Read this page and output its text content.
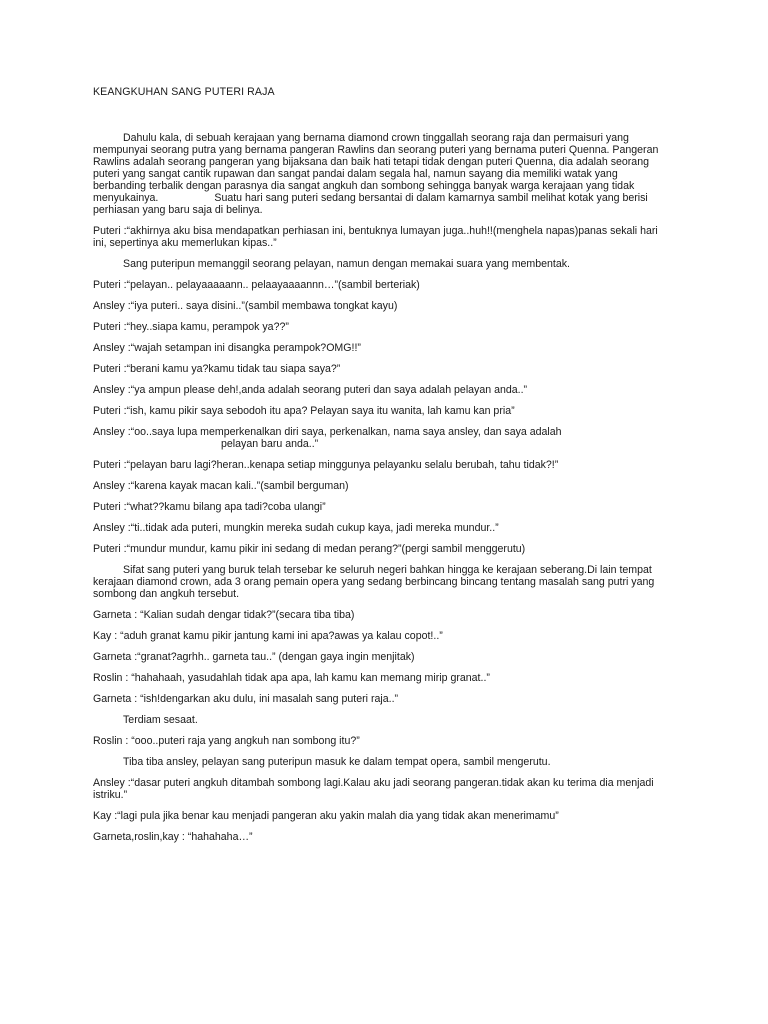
KEANGKUHAN SANG PUTERI RAJA

Dahulu kala, di sebuah kerajaan yang bernama diamond crown tinggallah seorang raja dan permaisuri yang mempunyai seorang putra yang bernama pangeran Rawlins dan seorang puteri yang bernama puteri Quenna. Pangeran Rawlins adalah seorang pangeran yang bijaksana dan baik hati tetapi tidak dengan puteri Quenna, dia adalah seorang puteri yang sangat cantik rupawan dan sangat pandai dalam segala hal, namun sayang dia memiliki watak yang berbanding terbalik dengan parasnya dia sangat angkuh dan sombong sehingga banyak warga kerajaan yang tidak menyukainya.	Suatu hari sang puteri sedang bersantai di dalam kamarnya sambil melihat kotak yang berisi perhiasan yang baru saja di belinya.

Puteri :“akhirnya aku bisa mendapatkan perhiasan ini, bentuknya lumayan juga..huh!!(menghela napas)panas sekali hari ini, sepertinya aku memerlukan kipas..”

Sang puteripun memanggil seorang pelayan, namun dengan memakai suara yang membentak.

Puteri :“pelayan.. pelayaaaaann.. pelaayaaaannn…”(sambil berteriak)

Ansley :“iya puteri.. saya disini..”(sambil membawa tongkat kayu)

Puteri :“hey..siapa kamu, perampok ya??”

Ansley :“wajah setampan ini disangka perampok?OMG!!”

Puteri :“berani kamu ya?kamu tidak tau siapa saya?”

Ansley :“ya ampun please deh!,anda adalah seorang puteri dan saya adalah pelayan anda..”

Puteri :“ish, kamu pikir saya sebodoh itu apa? Pelayan saya itu wanita, lah kamu kan pria”

Ansley :“oo..saya lupa memperkenalkan diri saya, perkenalkan, nama saya ansley, dan saya adalahpelayan baru anda..”

Puteri :“pelayan baru lagi?heran..kenapa setiap minggunya pelayanku selalu berubah, tahu tidak?!”

Ansley :“karena kayak macan kali..”(sambil berguman)

Puteri :“what??kamu bilang apa tadi?coba ulangi”

Ansley :“ti..tidak ada puteri, mungkin mereka sudah cukup kaya, jadi mereka mundur..”

Puteri :“mundur mundur, kamu pikir ini sedang di medan perang?”(pergi sambil menggerutu)

Sifat sang puteri yang buruk telah tersebar ke seluruh negeri bahkan hingga ke kerajaan seberang.Di lain tempat kerajaan diamond crown, ada 3 orang pemain opera yang sedang berbincang bincang tentang masalah sang putri yang sombong dan angkuh tersebut.

Garneta : “Kalian sudah dengar tidak?”(secara tiba tiba)

Kay : “aduh granat kamu pikir jantung kami ini apa?awas ya kalau copot!..”

Garneta :“granat?agrhh.. garneta tau..” (dengan gaya ingin menjitak)

Roslin : “hahahaah, yasudahlah tidak apa apa, lah kamu kan memang mirip granat..”

Garneta : “ish!dengarkan aku dulu, ini masalah sang puteri raja..”

Terdiam sesaat.

Roslin : “ooo..puteri raja yang angkuh nan sombong itu?”

Tiba tiba ansley, pelayan sang puteripun masuk ke dalam tempat opera, sambil mengerutu.

Ansley :“dasar puteri angkuh ditambah sombong lagi.Kalau aku jadi seorang pangeran.tidak akan ku terima dia menjadi istriku.”

Kay :“lagi pula jika benar kau menjadi pangeran aku yakin malah dia yang tidak akan menerimamu”

Garneta,roslin,kay : “hahahaha…”
